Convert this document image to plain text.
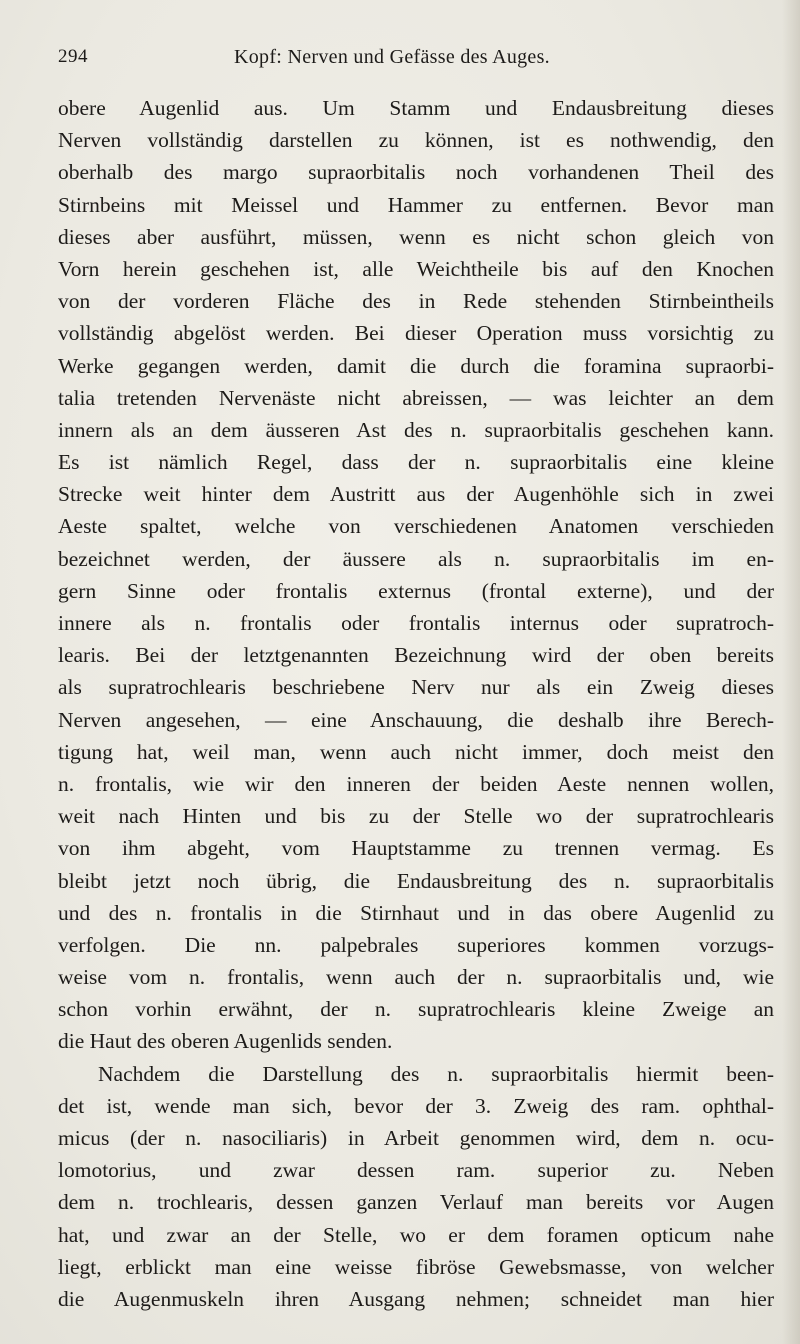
294	Kopf: Nerven und Gefässe des Auges.
obere Augenlid aus. Um Stamm und Endausbreitung dieses
Nerven vollständig darstellen zu können, ist es nothwendig, den
oberhalb des margo supraorbitalis noch vorhandenen Theil des
Stirnbeins mit Meissel und Hammer zu entfernen. Bevor man
dieses aber ausführt, müssen, wenn es nicht schon gleich von
Vorn herein geschehen ist, alle Weichtheile bis auf den Knochen
von der vorderen Fläche des in Rede stehenden Stirnbeintheils
vollständig abgelöst werden. Bei dieser Operation muss vorsichtig zu
Werke gegangen werden, damit die durch die foramina supraorbi-
talia tretenden Nervenäste nicht abreissen, — was leichter an dem
innern als an dem äusseren Ast des n. supraorbitalis geschehen kann.
Es ist nämlich Regel, dass der n. supraorbitalis eine kleine
Strecke weit hinter dem Austritt aus der Augenhöhle sich in zwei
Aeste spaltet, welche von verschiedenen Anatomen verschieden
bezeichnet werden, der äussere als n. supraorbitalis im en-
gern Sinne oder frontalis externus (frontal externe), und der
innere als n. frontalis oder frontalis internus oder supratroch-
learis. Bei der letztgenannten Bezeichnung wird der oben bereits
als supratrochlearis beschriebene Nerv nur als ein Zweig dieses
Nerven angesehen, — eine Anschauung, die deshalb ihre Berech-
tigung hat, weil man, wenn auch nicht immer, doch meist den
n. frontalis, wie wir den inneren der beiden Aeste nennen wollen,
weit nach Hinten und bis zu der Stelle wo der supratrochlearis
von ihm abgeht, vom Hauptstamme zu trennen vermag. Es
bleibt jetzt noch übrig, die Endausbreitung des n. supraorbitalis
und des n. frontalis in die Stirnhaut und in das obere Augenlid zu
verfolgen. Die nn. palpebrales superiores kommen vorzugs-
weise vom n. frontalis, wenn auch der n. supraorbitalis und, wie
schon vorhin erwähnt, der n. supratrochlearis kleine Zweige an
die Haut des oberen Augenlids senden.
Nachdem die Darstellung des n. supraorbitalis hiermit been-
det ist, wende man sich, bevor der 3. Zweig des ram. ophthal-
micus (der n. nasociliaris) in Arbeit genommen wird, dem n. ocu-
lomotorius, und zwar dessen ram. superior zu. Neben
dem n. trochlearis, dessen ganzen Verlauf man bereits vor Augen
hat, und zwar an der Stelle, wo er dem foramen opticum nahe
liegt, erblickt man eine weisse fibröse Gewebsmasse, von welcher
die Augenmuskeln ihren Ausgang nehmen; schneidet man hier
